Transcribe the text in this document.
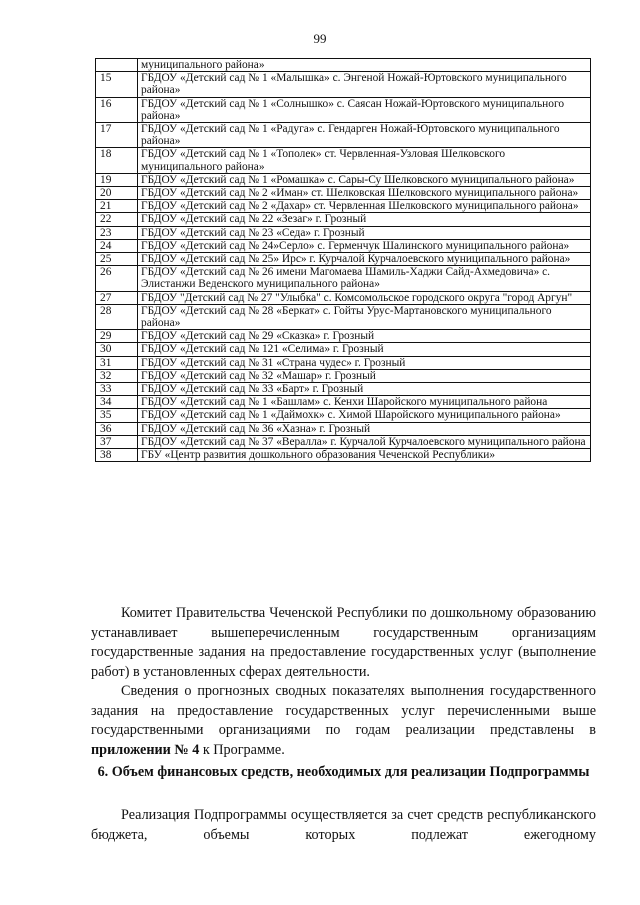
99
	муниципального района»
15	ГБДОУ «Детский сад № 1 «Малышка» с. Энгеной Ножай-Юртовского муниципального района»
16	ГБДОУ «Детский сад № 1 «Солнышко» с. Саясан Ножай-Юртовского муниципального района»
17	ГБДОУ «Детский сад № 1 «Радуга» с. Гендарген Ножай-Юртовского муниципального района»
18	ГБДОУ «Детский сад № 1 «Тополек» ст. Червленная-Узловая Шелковского муниципального района»
19	ГБДОУ «Детский сад № 1 «Ромашка» с. Сары-Су Шелковского муниципального района»
20	ГБДОУ «Детский сад № 2 «Иман» ст. Шелковская Шелковского муниципального района»
21	ГБДОУ «Детский сад № 2 «Дахар» ст. Червленная Шелковского муниципального района»
22	ГБДОУ «Детский сад № 22 «Зезаг» г. Грозный
23	ГБДОУ «Детский сад № 23 «Седа» г. Грозный
24	ГБДОУ «Детский сад № 24»Серло» с. Герменчук Шалинского муниципального района»
25	ГБДОУ «Детский сад № 25» Ирс» г. Курчалой Курчалоевского муниципального района»
26	ГБДОУ «Детский сад № 26 имени Магомаева Шамиль-Хаджи Сайд-Ахмедовича» с. Элистанжи Веденского муниципального района»
27	ГБДОУ "Детский сад № 27 "Улыбка" с. Комсомольское городского округа "город Аргун"
28	ГБДОУ «Детский сад № 28 «Беркат» с. Гойты Урус-Мартановского муниципального района»
29	ГБДОУ «Детский сад № 29 «Сказка» г. Грозный
30	ГБДОУ «Детский сад № 121 «Селима» г. Грозный
31	ГБДОУ «Детский сад № 31 «Страна чудес» г. Грозный
32	ГБДОУ «Детский сад № 32 «Машар» г. Грозный
33	ГБДОУ «Детский сад № 33 «Барт» г. Грозный
34	ГБДОУ «Детский сад № 1 «Башлам» с. Кенхи Шаройского муниципального района
35	ГБДОУ «Детский сад № 1 «Даймохк» с. Химой Шаройского муниципального района»
36	ГБДОУ «Детский сад № 36 «Хазна» г. Грозный
37	ГБДОУ «Детский сад № 37 «Beралла» г. Курчалой Курчалоевского муниципального района
38	ГБУ «Центр развития дошкольного образования Чеченской Республики»

Комитет Правительства Чеченской Республики по дошкольному образованию устанавливает вышеперечисленным государственным организациям государственные задания на предоставление государственных услуг (выполнение работ) в установленных сферах деятельности.

Сведения о прогнозных сводных показателях выполнения государственного задания на предоставление государственных услуг перечисленными выше государственными организациями по годам реализации представлены в приложении № 4 к Программе.

6. Объем финансовых средств, необходимых для реализации Подпрограммы

Реализация Подпрограммы осуществляется за счет средств республиканского бюджета, объемы которых подлежат ежегодному
